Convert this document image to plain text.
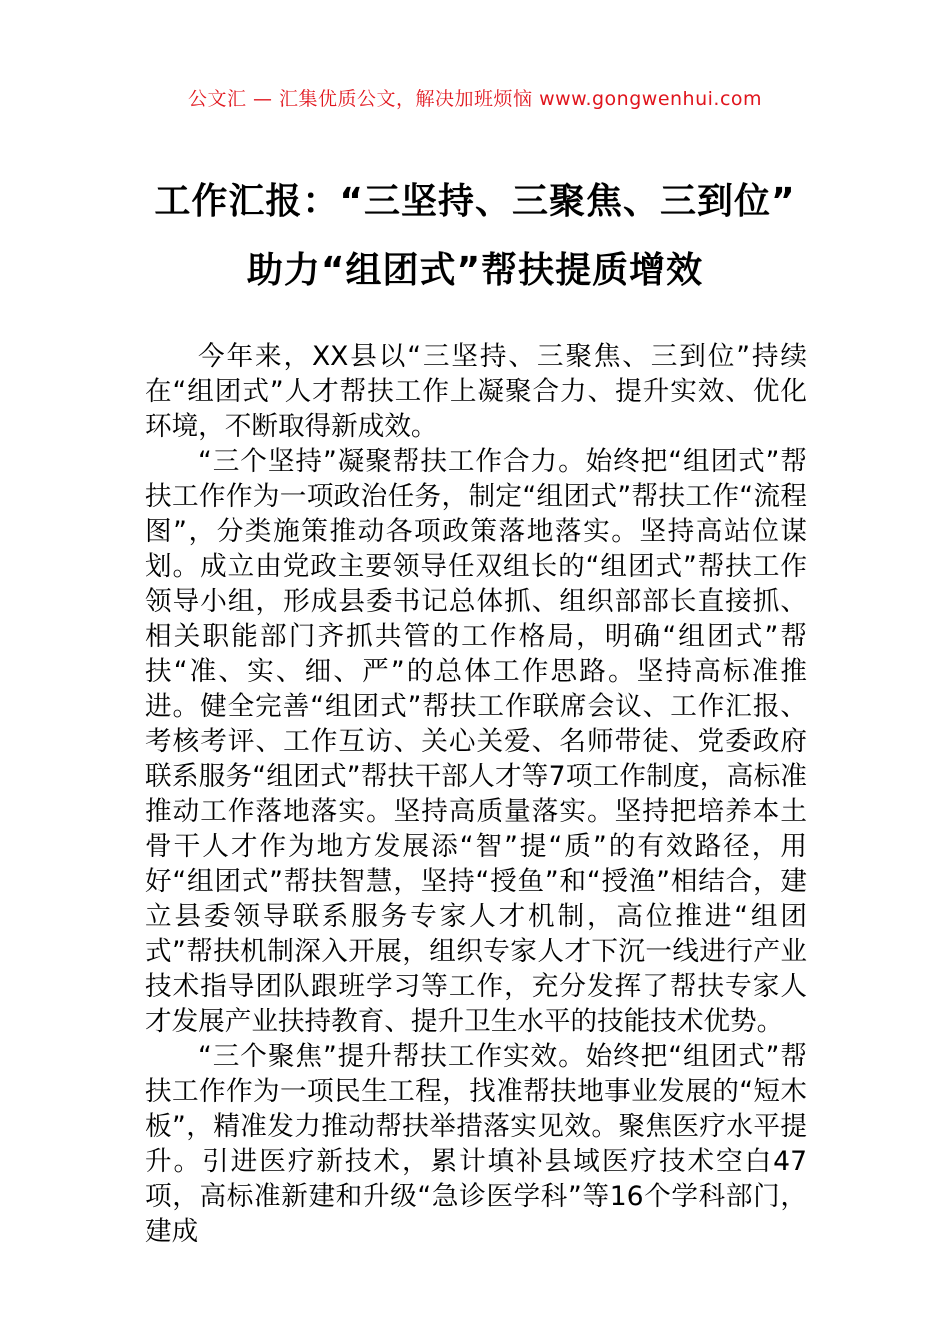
公文汇 — 汇集优质公文，解决加班烦恼 www.gongwenhui.com
工作汇报：“三坚持、三聚焦、三到位”
助力“组团式”帮扶提质增效

今年来，XX县以“三坚持、三聚焦、三到位”持续在“组团式”人才帮扶工作上凝聚合力、提升实效、优化环境，不断取得新成效。

“三个坚持”凝聚帮扶工作合力。始终把“组团式”帮扶工作作为一项政治任务，制定“组团式”帮扶工作“流程图”，分类施策推动各项政策落地落实。坚持高站位谋划。成立由党政主要领导任双组长的“组团式”帮扶工作领导小组，形成县委书记总体抓、组织部部长直接抓、相关职能部门齐抓共管的工作格局，明确“组团式”帮扶“准、实、细、严”的总体工作思路。坚持高标准推进。健全完善“组团式”帮扶工作联席会议、工作汇报、考核考评、工作互访、关心关爱、名师带徒、党委政府联系服务“组团式”帮扶干部人才等7项工作制度，高标准推动工作落地落实。坚持高质量落实。坚持把培养本土骨干人才作为地方发展添“智”提“质”的有效路径，用好“组团式”帮扶智慧，坚持“授鱼”和“授渔”相结合，建立县委领导联系服务专家人才机制，高位推进“组团式”帮扶机制深入开展，组织专家人才下沉一线进行产业技术指导团队跟班学习等工作，充分发挥了帮扶专家人才发展产业扶持教育、提升卫生水平的技能技术优势。

“三个聚焦”提升帮扶工作实效。始终把“组团式”帮扶工作作为一项民生工程，找准帮扶地事业发展的“短木板”，精准发力推动帮扶举措落实见效。聚焦医疗水平提升。引进医疗新技术，累计填补县域医疗技术空白47项，高标准新建和升级“急诊医学科”等16个学科部门，建成
